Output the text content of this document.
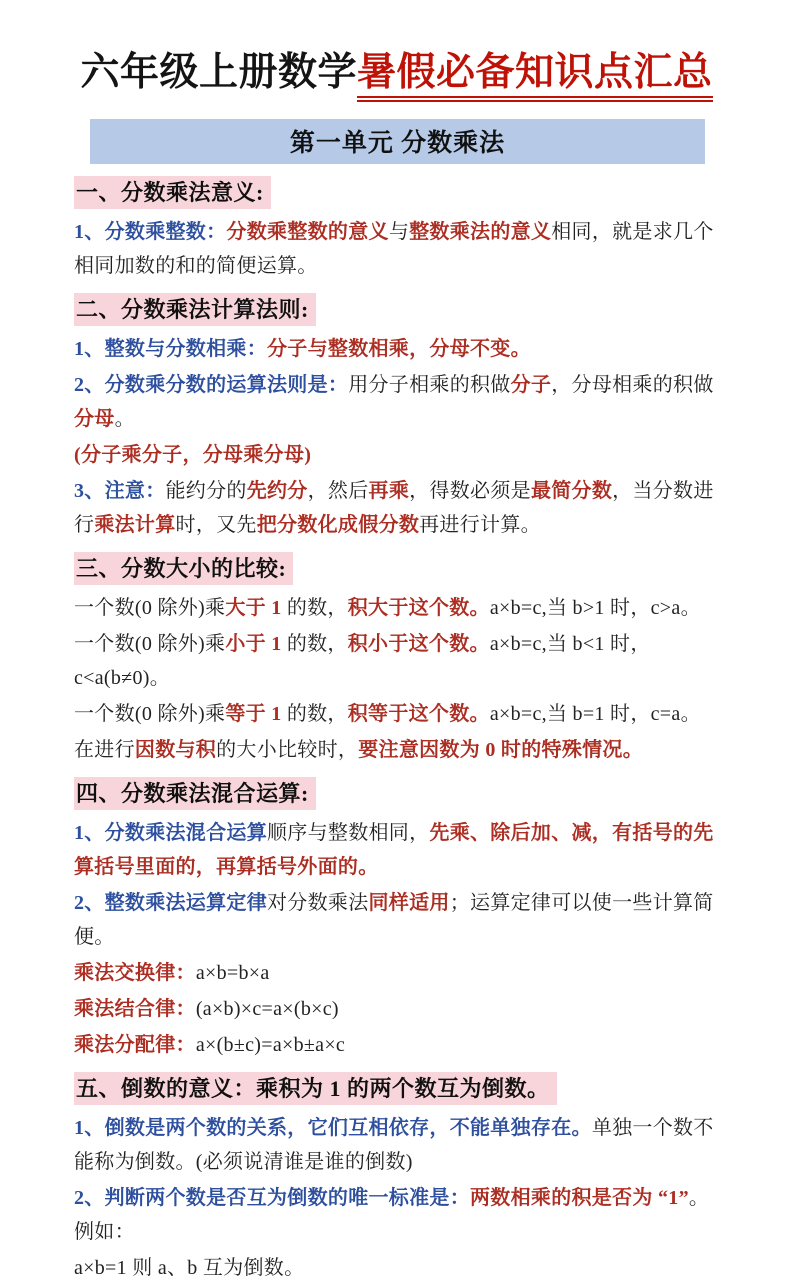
六年级上册数学暑假必备知识点汇总
第一单元 分数乘法
一、分数乘法意义:

1、分数乘整数：分数乘整数的意义与整数乘法的意义相同，就是求几个相同加数的和的简便运算。

二、分数乘法计算法则:

1、整数与分数相乘：分子与整数相乘，分母不变。

2、分数乘分数的运算法则是：用分子相乘的积做分子，分母相乘的积做分母。

(分子乘分子，分母乘分母)

3、注意：能约分的先约分，然后再乘，得数必须是最简分数，当分数进行乘法计算时，又先把分数化成假分数再进行计算。

三、分数大小的比较:

一个数(0 除外)乘大于 1 的数，积大于这个数。a×b=c,当 b>1 时，c>a。

一个数(0 除外)乘小于 1 的数，积小于这个数。a×b=c,当 b<1 时，c<a(b≠0)。

一个数(0 除外)乘等于 1 的数，积等于这个数。a×b=c,当 b=1 时，c=a。

在进行因数与积的大小比较时，要注意因数为 0 时的特殊情况。

四、分数乘法混合运算:

1、分数乘法混合运算顺序与整数相同，先乘、除后加、减，有括号的先算括号里面的，再算括号外面的。

2、整数乘法运算定律对分数乘法同样适用；运算定律可以使一些计算简便。

乘法交换律：a×b=b×a

乘法结合律：(a×b)×c=a×(b×c)

乘法分配律：a×(b±c)=a×b±a×c

五、倒数的意义：乘积为 1 的两个数互为倒数。

1、倒数是两个数的关系，它们互相依存，不能单独存在。单独一个数不能称为倒数。(必须说清谁是谁的倒数)

2、判断两个数是否互为倒数的唯一标准是：两数相乘的积是否为 “1”。例如：

a×b=1 则 a、b 互为倒数。
